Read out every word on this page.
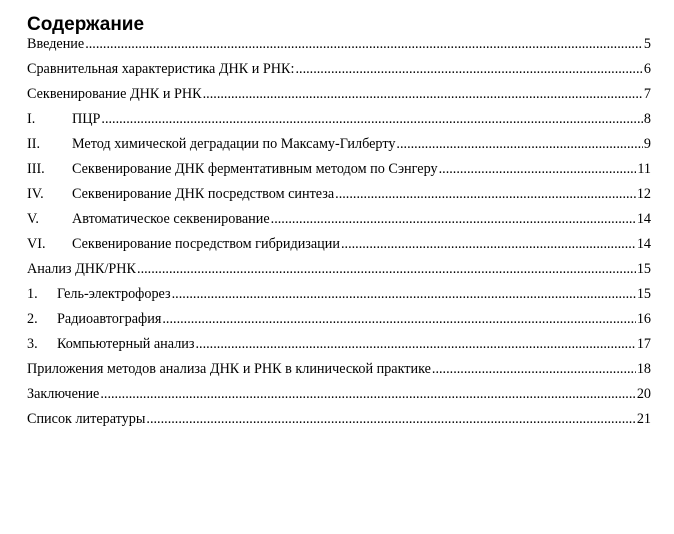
Содержание
Введение .....	5
Сравнительная характеристика ДНК и РНК: .....	6
Секвенирование ДНК и РНК .....	7
I.	ПЦР .....	8
II.	Метод химической деградации по Максаму-Гилберту .....	9
III.	Секвенирование ДНК ферментативным методом по Сэнгеру .....	11
IV.	Секвенирование ДНК посредством синтеза .....	12
V.	Автоматическое секвенирование .....	14
VI.	Секвенирование посредством гибридизации .....	14
Анализ ДНК/РНК .....	15
1.	Гель-электрофорез .....	15
2.	Радиоавтография .....	16
3.	Компьютерный анализ .....	17
Приложения методов анализа ДНК и РНК в клинической практике .....	18
Заключение .....	20
Список литературы .....	21
